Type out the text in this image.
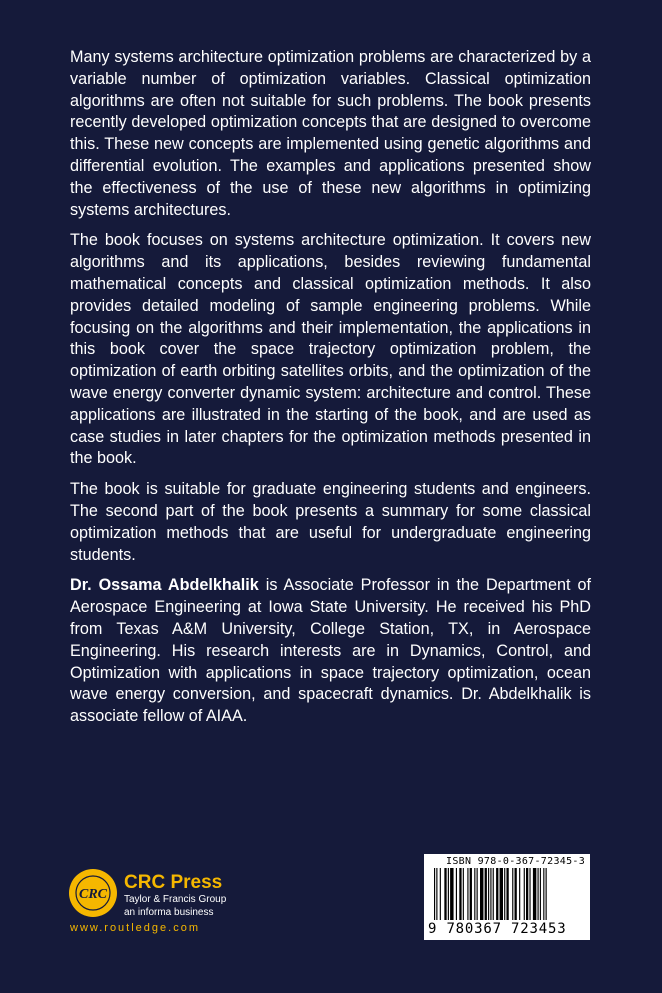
Many systems architecture optimization problems are characterized by a variable number of optimization variables. Classical optimization algorithms are often not suitable for such problems. The book presents recently developed optimization concepts that are designed to overcome this. These new concepts are implemented using genetic algorithms and differential evolution. The examples and applications presented show the effectiveness of the use of these new algorithms in optimizing systems architectures.

The book focuses on systems architecture optimization. It covers new algorithms and its applications, besides reviewing fundamental mathematical concepts and classical optimization methods. It also provides detailed modeling of sample engineering problems. While focusing on the algorithms and their implementation, the applications in this book cover the space trajectory optimization problem, the optimization of earth orbiting satellites orbits, and the optimization of the wave energy converter dynamic system: architecture and control. These applications are illustrated in the starting of the book, and are used as case studies in later chapters for the optimization methods presented in the book.

The book is suitable for graduate engineering students and engineers. The second part of the book presents a summary for some classical optimization methods that are useful for undergraduate engineering students.

Dr. Ossama Abdelkhalik is Associate Professor in the Department of Aerospace Engineering at Iowa State University. He received his PhD from Texas A&M University, College Station, TX, in Aerospace Engineering. His research interests are in Dynamics, Control, and Optimization with applications in space trajectory optimization, ocean wave energy conversion, and spacecraft dynamics. Dr. Abdelkhalik is associate fellow of AIAA.

CRC
CRC Press
Taylor & Francis Group
an informa business
www.routledge.com
ISBN 978-0-367-72345-3
9 780367 723453
